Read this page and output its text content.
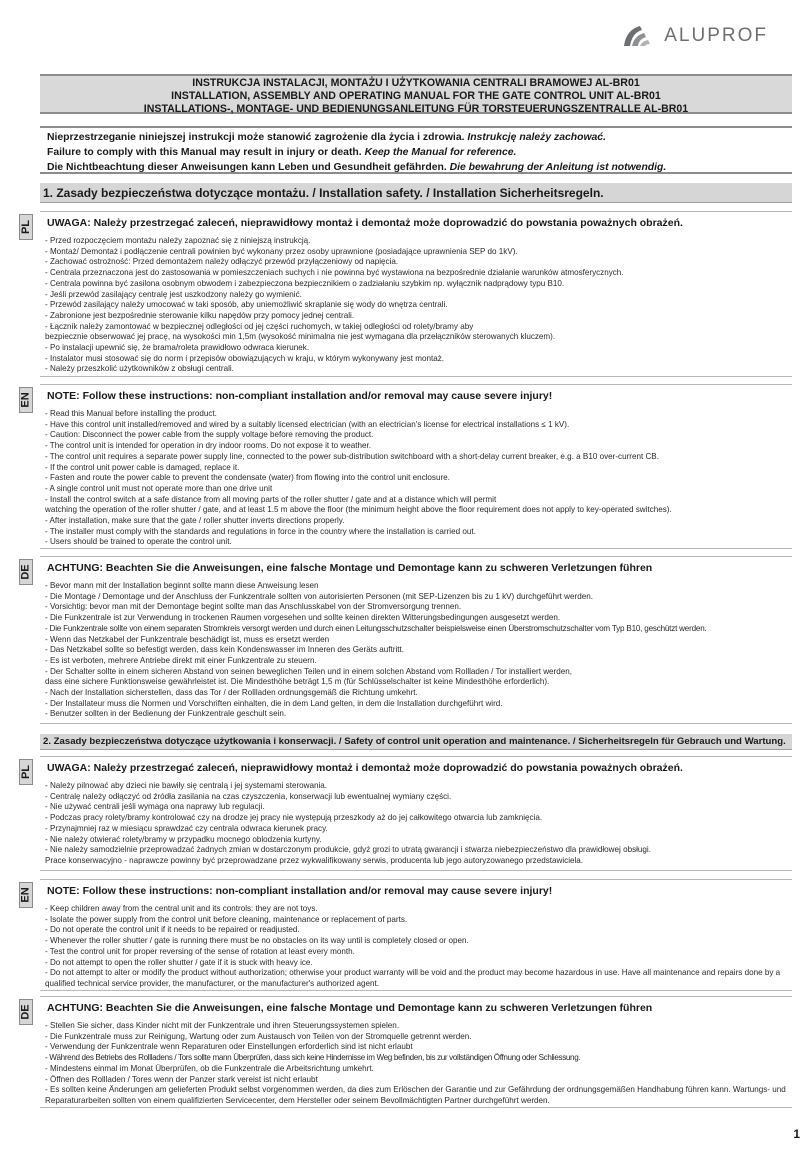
ALUPROF
INSTRUKCJA INSTALACJI, MONTAŻU I UŻYTKOWANIA CENTRALI BRAMOWEJ AL-BR01
INSTALLATION, ASSEMBLY AND OPERATING MANUAL FOR THE GATE CONTROL UNIT AL-BR01
INSTALLATIONS-, MONTAGE- UND BEDIENUNGSANLEITUNG FÜR TORSTEUERUNGSZENTRALLE AL-BR01
Nieprzestrzeganie niniejszej instrukcji może stanowić zagrożenie dla życia i zdrowia. Instrukcję należy zachować.
Failure to comply with this Manual may result in injury or death. Keep the Manual for reference.
Die Nichtbeachtung dieser Anweisungen kann Leben und Gesundheit gefährden. Die bewahrung der Anleitung ist notwendig.
1. Zasady bezpieczeństwa dotyczące montażu. / Installation safety. / Installation Sicherheitsregeln.
PL UWAGA: Należy przestrzegać zaleceń, nieprawidłowy montaż i demontaż może doprowadzić do powstania poważnych obrażeń.
- Przed rozpoczęciem montażu należy zapoznać się z niniejszą instrukcją.
- Montaż/ Demontaż i podłączenie centrali powinien być wykonany przez osoby uprawnione (posiadające uprawnienia SEP do 1kV).
- Zachować ostrożność: Przed demontażem należy odłączyć przewód przyłączeniowy od napięcia.
- Centrala przeznaczona jest do zastosowania w pomieszczeniach suchych i nie powinna być wystawiona na bezpośrednie działanie warunków atmosferycznych.
- Centrala powinna być zasilona osobnym obwodem i zabezpieczona bezpiecznikiem o zadziałaniu szybkim np. wyłącznik nadprądowy typu B10.
- Jeśli przewód zasilający centralę jest uszkodzony należy go wymienić.
- Przewód zasilający należy umocować w taki sposób, aby uniemożliwić skraplanie się wody do wnętrza centrali.
- Zabronione jest bezpośrednie sterowanie kilku napędów przy pomocy jednej centrali.
- Łącznik należy zamontować w bezpiecznej odległości od jej części ruchomych, w takiej odległości od rolety/bramy aby
bezpiecznie obserwować jej pracę, na wysokości min 1,5m (wysokość minimalna nie jest wymagana dla przełączników sterowanych kluczem).
- Po instalacji upewnić się, że brama/roleta prawidłowo odwraca kierunek.
- Instalator musi stosować się do norm i przepisów obowiązujących w kraju, w którym wykonywany jest montaż.
- Należy przeszkolić użytkowników z obsługi centrali.
EN NOTE: Follow these instructions: non-compliant installation and/or removal may cause severe injury!
- Read this Manual before installing the product.
- Have this control unit installed/removed and wired by a suitably licensed electrician (with an electrician's license for electrical installations ≤ 1 kV).
- Caution: Disconnect the power cable from the supply voltage before removing the product.
- The control unit is intended for operation in dry indoor rooms. Do not expose it to weather.
- The control unit requires a separate power supply line, connected to the power sub-distribution switchboard with a short-delay current breaker, e.g. a B10 over-current CB.
- If the control unit power cable is damaged, replace it.
- Fasten and route the power cable to prevent the condensate (water) from flowing into the control unit enclosure.
- A single control unit must not operate more than one drive unit
- Install the control switch at a safe distance from all moving parts of the roller shutter / gate and at a distance which will permit
watching the operation of the roller shutter / gate, and at least 1.5 m above the floor (the minimum height above the floor requirement does not apply to key-operated switches).
- After installation, make sure that the gate / roller shutter inverts directions properly.
- The installer must comply with the standards and regulations in force in the country where the installation is carried out.
- Users should be trained to operate the control unit.
DE ACHTUNG: Beachten Sie die Anweisungen, eine falsche Montage und Demontage kann zu schweren Verletzungen führen
- Bevor mann mit der Installation beginnt sollte mann diese Anweisung lesen
- Die Montage / Demontage und der Anschluss der Funkzentrale sollten von autorisierten Personen (mit SEP-Lizenzen bis zu 1 kV) durchgeführt werden.
- Vorsichtig: bevor man mit der Demontage begint sollte man das Anschlusskabel von der Stromversorgung trennen.
- Die Funkzentrale ist zur Verwendung in trockenen Raumen vorgesehen und sollte keinen direkten Witterungsbedingungen ausgesetzt werden.
- Die Funkzentrale sollte von einem separaten Stromkreis versorgt werden und durch einen Leitungsschutzschalter beispielsweise einen Überstromschutzschalter vom Typ B10, geschützt werden.
- Wenn das Netzkabel der Funkzentrale beschädigt ist, muss es ersetzt werden
- Das Netzkabel sollte so befestigt werden, dass kein Kondenswasser im Inneren des Geräts auftritt.
- Es ist verboten, mehrere Antriebe direkt mit einer Funkzentrale zu steuern.
- Der Schalter sollte in einem sicheren Abstand von seinen beweglichen Teilen und in einem solchen Abstand vom Rollladen / Tor installiert werden,
dass eine sichere Funktionsweise gewährleistet ist. Die Mindesthöhe beträgt 1,5 m (für Schlüsselschalter ist keine Mindesthöhe erforderlich).
- Nach der Installation sicherstellen, dass das Tor / der Rollladen ordnungsgemäß die Richtung umkehrt.
- Der Installateur muss die Normen und Vorschriften einhalten, die in dem Land gelten, in dem die Installation durchgeführt wird.
- Benutzer sollten in der Bedienung der Funkzentrale geschult sein.
2. Zasady bezpieczeństwa dotyczące użytkowania i konserwacji. / Safety of control unit operation and maintenance. / Sicherheitsregeln für Gebrauch und Wartung.
PL UWAGA: Należy przestrzegać zaleceń, nieprawidłowy montaż i demontaż może doprowadzić do powstania poważnych obrażeń.
- Należy pilnować aby dzieci nie bawiły się centralą i jej systemami sterowania.
- Centralę należy odłączyć od źródła zasilania na czas czyszczenia, konserwacji lub ewentualnej wymiany części.
- Nie używać centrali jeśli wymaga ona naprawy lub regulacji.
- Podczas pracy rolety/bramy kontrolować czy na drodze jej pracy nie występują przeszkody aż do jej całkowitego otwarcia lub zamknięcia.
- Przynajmniej raz w miesiącu sprawdzać czy centrala odwraca kierunek pracy.
- Nie należy otwierać rolety/bramy w przypadku mocnego oblodzenia kurtyny.
- Nie należy samodzielnie przeprowadzać żadnych zmian w dostarczonym produkcie, gdyż grozi to utratą gwarancji i stwarza niebezpieczeństwo dla prawidłowej obsługi.
Prace konserwacyjno - naprawcze powinny być przeprowadzane przez wykwalifikowany serwis, producenta lub jego autoryzowanego przedstawiciela.
EN NOTE: Follow these instructions: non-compliant installation and/or removal may cause severe injury!
- Keep children away from the central unit and its controls: they are not toys.
- Isolate the power supply from the control unit before cleaning, maintenance or replacement of parts.
- Do not operate the control unit if it needs to be repaired or readjusted.
- Whenever the roller shutter / gate is running there must be no obstacles on its way until is completely closed or open.
- Test the control unit for proper reversing of the sense of rotation at least every month.
- Do not attempt to open the roller shutter / gate if it is stuck with heavy ice.
- Do not attempt to alter or modify the product without authorization; otherwise your product warranty will be void and the product may become hazardous in use. Have all maintenance and repairs done by a qualified technical service provider, the manufacturer, or the manufacturer's authorized agent.
DE ACHTUNG: Beachten Sie die Anweisungen, eine falsche Montage und Demontage kann zu schweren Verletzungen führen
- Stellen Sie sicher, dass Kinder nicht mit der Funkzentrale und ihren Steuerungssystemen spielen.
- Die Funkzentrale muss zur Reinigung, Wartung oder zum Austausch von Teilen von der Stromquelle getrennt werden.
- Verwendung der Funkzentrale wenn Reparaturen oder Einstellungen erforderlich sind ist nicht erlaubt
- Während des Betriebs des Rollladens / Tors sollte mann Überprüfen, dass sich keine Hindernisse im Weg befinden, bis zur vollständigen Öffnung oder Schliessung.
- Mindestens einmal im Monat Überprüfen, ob die Funkzentrale die Arbeitsrichtung umkehrt.
- Öffnen des Rollladen / Tores wenn der Panzer stark vereist ist nicht erlaubt
- Es sollten keine Änderungen am gelieferten Produkt selbst vorgenommen werden, da dies zum Erlöschen der Garantie und zur Gefährdung der ordnungsgemäßen Handhabung führen kann. Wartungs- und Reparaturarbeiten sollten von einem qualifizierten Servicecenter, dem Hersteller oder seinem Bevollmächtigten Partner durchgeführt werden.
1
